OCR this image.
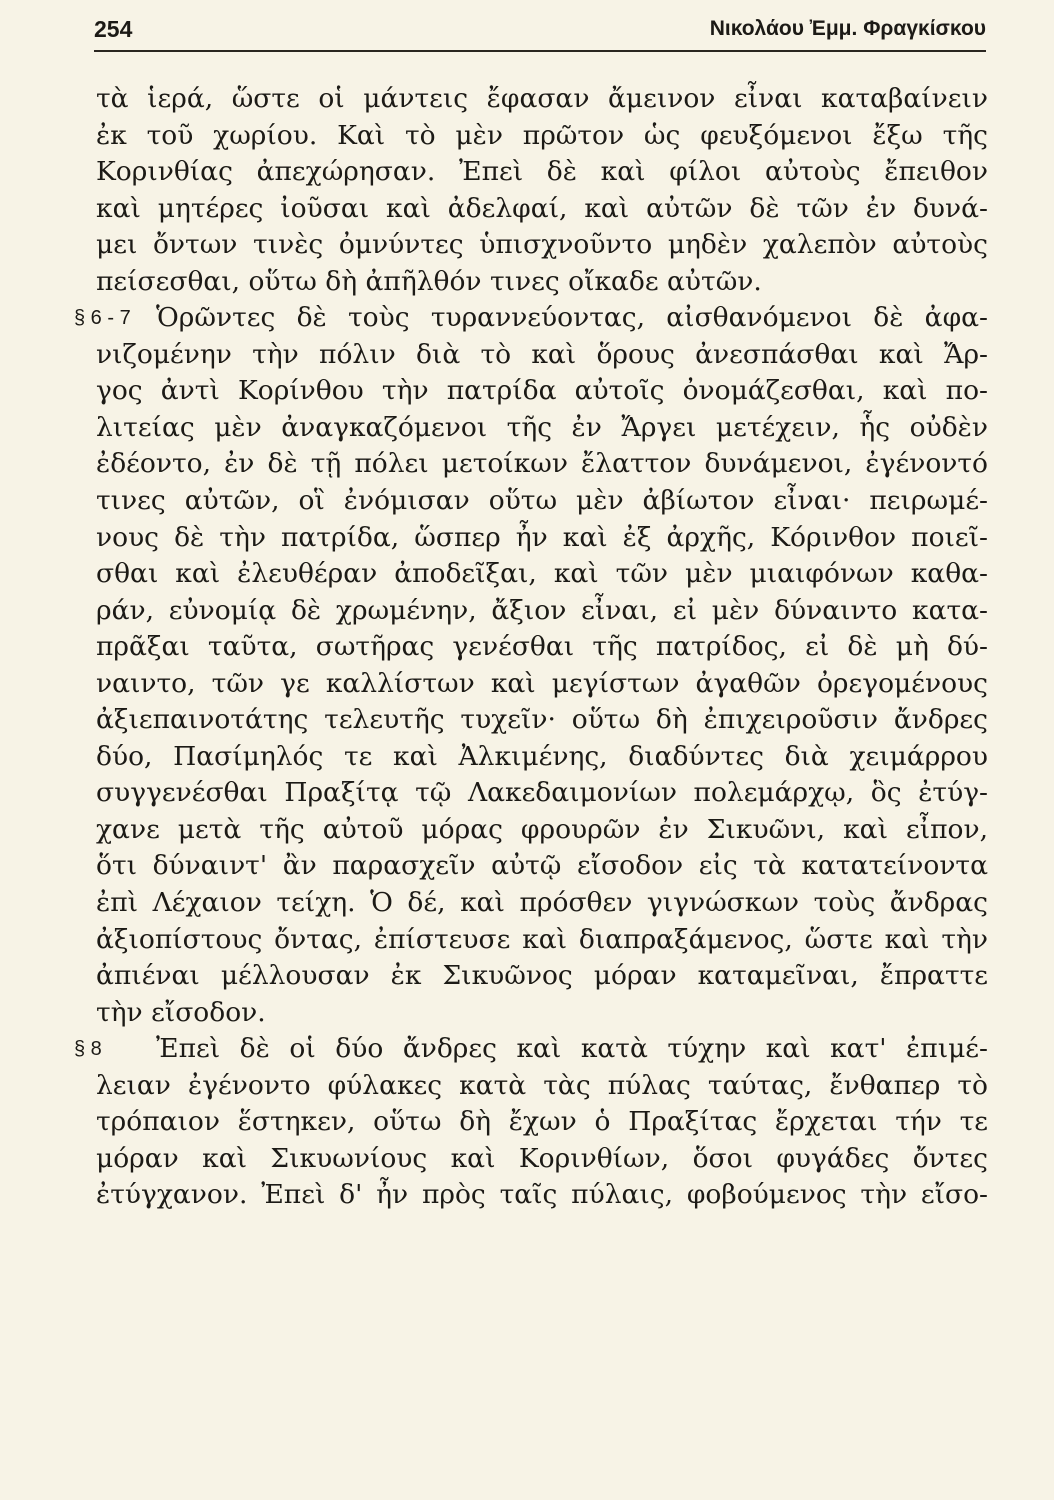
254	Νικολάου Ἐμμ. Φραγκίσκου
τὰ ἱερά, ὥστε οἱ μάντεις ἔφασαν ἄμεινον εἶναι καταβαίνειν
ἐκ τοῦ χωρίου. Καὶ τὸ μὲν πρῶτον ὡς φευξόμενοι ἔξω τῆς
Κορινθίας ἀπεχώρησαν. Ἐπεὶ δὲ καὶ φίλοι αὐτοὺς ἔπειθον
καὶ μητέρες ἰοῦσαι καὶ ἀδελφαί, καὶ αὐτῶν δὲ τῶν ἐν δυνά-
μει ὄντων τινὲς ὀμνύντες ὑπισχνοῦντο μηδὲν χαλεπὸν αὐτοὺς
πείσεσθαι, οὕτω δὴ ἀπῆλθόν τινες οἴκαδε αὐτῶν.
§ 6 - 7 Ὁρῶντες δὲ τοὺς τυραννεύοντας, αἰσθανόμενοι δὲ ἀφα-
νιζομένην τὴν πόλιν διὰ τὸ καὶ ὅρους ἀνεσπάσθαι καὶ Ἄρ-
γος ἀντὶ Κορίνθου τὴν πατρίδα αὐτοῖς ὀνομάζεσθαι, καὶ πο-
λιτείας μὲν ἀναγκαζόμενοι τῆς ἐν Ἄργει μετέχειν, ἧς οὐδὲν
ἐδέοντο, ἐν δὲ τῇ πόλει μετοίκων ἔλαττον δυνάμενοι, ἐγένοντό
τινες αὐτῶν, οἳ ἐνόμισαν οὕτω μὲν ἀβίωτον εἶναι· πειρωμέ-
νους δὲ τὴν πατρίδα, ὥσπερ ἦν καὶ ἐξ ἀρχῆς, Κόρινθον ποιεῖ-
σθαι καὶ ἐλευθέραν ἀποδεῖξαι, καὶ τῶν μὲν μιαιφόνων καθα-
ράν, εὐνομίᾳ δὲ χρωμένην, ἄξιον εἶναι, εἰ μὲν δύναιντο κατα-
πρᾶξαι ταῦτα, σωτῆρας γενέσθαι τῆς πατρίδος, εἰ δὲ μὴ δύ-
ναιντο, τῶν γε καλλίστων καὶ μεγίστων ἀγαθῶν ὀρεγομένους
ἀξιεπαινοτάτης τελευτῆς τυχεῖν· οὕτω δὴ ἐπιχειροῦσιν ἄνδρες
δύο, Πασίμηλός τε καὶ Ἀλκιμένης, διαδύντες διὰ χειμάρρου
συγγενέσθαι Πραξίτᾳ τῷ Λακεδαιμονίων πολεμάρχῳ, ὃς ἐτύγ-
χανε μετὰ τῆς αὐτοῦ μόρας φρουρῶν ἐν Σικυῶνι, καὶ εἶπον,
ὅτι δύναιντ' ἂν παρασχεῖν αὐτῷ εἴσοδον εἰς τὰ κατατείνοντα
ἐπὶ Λέχαιον τείχη. Ὁ δέ, καὶ πρόσθεν γιγνώσκων τοὺς ἄνδρας
ἀξιοπίστους ὄντας, ἐπίστευσε καὶ διαπραξάμενος, ὥστε καὶ τὴν
ἀπιέναι μέλλουσαν ἐκ Σικυῶνος μόραν καταμεῖναι, ἔπραττε
τὴν εἴσοδον.
§ 8 Ἐπεὶ δὲ οἱ δύο ἄνδρες καὶ κατὰ τύχην καὶ κατ' ἐπιμέ-
λειαν ἐγένοντο φύλακες κατὰ τὰς πύλας ταύτας, ἔνθαπερ τὸ
τρόπαιον ἕστηκεν, οὕτω δὴ ἔχων ὁ Πραξίτας ἔρχεται τήν τε
μόραν καὶ Σικυωνίους καὶ Κορινθίων, ὅσοι φυγάδες ὄντες
ἐτύγχανον. Ἐπεὶ δ' ἦν πρὸς ταῖς πύλαις, φοβούμενος τὴν εἴσο-
